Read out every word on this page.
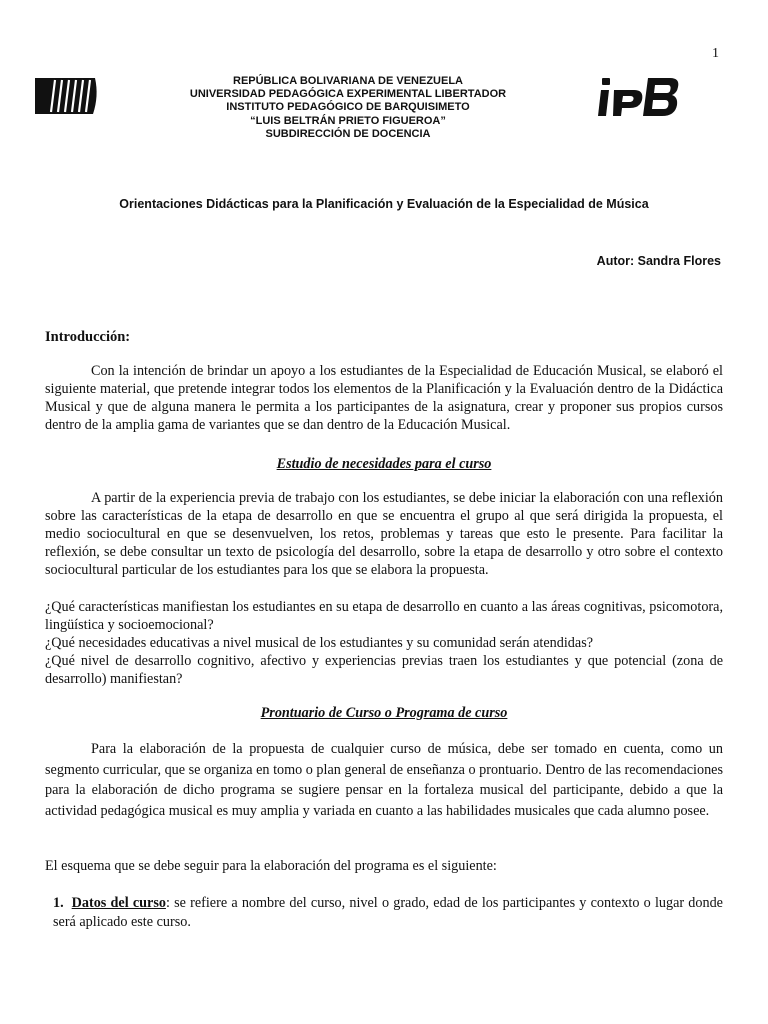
1
REPÚBLICA BOLIVARIANA DE VENEZUELA
UNIVERSIDAD PEDAGÓGICA EXPERIMENTAL LIBERTADOR
INSTITUTO PEDAGÓGICO DE BARQUISIMETO
“LUIS BELTRÁN PRIETO FIGUEROA”
SUBDIRECCIÓN DE DOCENCIA
Orientaciones Didácticas para la Planificación y Evaluación de la Especialidad de Música
Autor: Sandra Flores
Introducción:
Con la intención de brindar un apoyo a los estudiantes de la Especialidad de Educación Musical, se elaboró el siguiente material, que pretende integrar todos los elementos de la Planificación y la Evaluación dentro de la Didáctica Musical y que de alguna manera le permita a los participantes de la asignatura, crear y proponer sus propios cursos dentro de la amplia gama de variantes que se dan dentro de la Educación Musical.
Estudio de necesidades para el curso
A partir de la experiencia previa de trabajo con los estudiantes, se debe iniciar la elaboración con una reflexión sobre las características de la etapa de desarrollo en que se encuentra el grupo al que será dirigida la propuesta, el medio sociocultural en que se desenvuelven, los retos, problemas y tareas que esto le presente. Para facilitar la reflexión, se debe consultar un texto de psicología del desarrollo, sobre la etapa de desarrollo y otro sobre el contexto sociocultural particular de los estudiantes para los que se elabora la propuesta.

¿Qué características manifiestan los estudiantes en su etapa de desarrollo en cuanto a las áreas cognitivas, psicomotora, lingüística y socioemocional?

¿Qué necesidades educativas a nivel musical de los estudiantes y su comunidad serán atendidas?

¿Qué nivel de desarrollo cognitivo, afectivo y experiencias previas traen los estudiantes y que potencial (zona de desarrollo) manifiestan?

Prontuario de Curso o Programa de curso
Para la elaboración de la propuesta de cualquier curso de música, debe ser tomado en cuenta, como un segmento curricular, que se organiza en tomo o plan general de enseñanza o prontuario. Dentro de las recomendaciones para la elaboración de dicho programa se sugiere pensar en la fortaleza musical del participante, debido a que la actividad pedagógica musical es muy amplia y variada en cuanto a las habilidades musicales que cada alumno posee.
El esquema que se debe seguir para la elaboración del programa es el siguiente:
1. Datos del curso: se refiere a nombre del curso, nivel o grado, edad de los participantes y contexto o lugar donde será aplicado este curso.
